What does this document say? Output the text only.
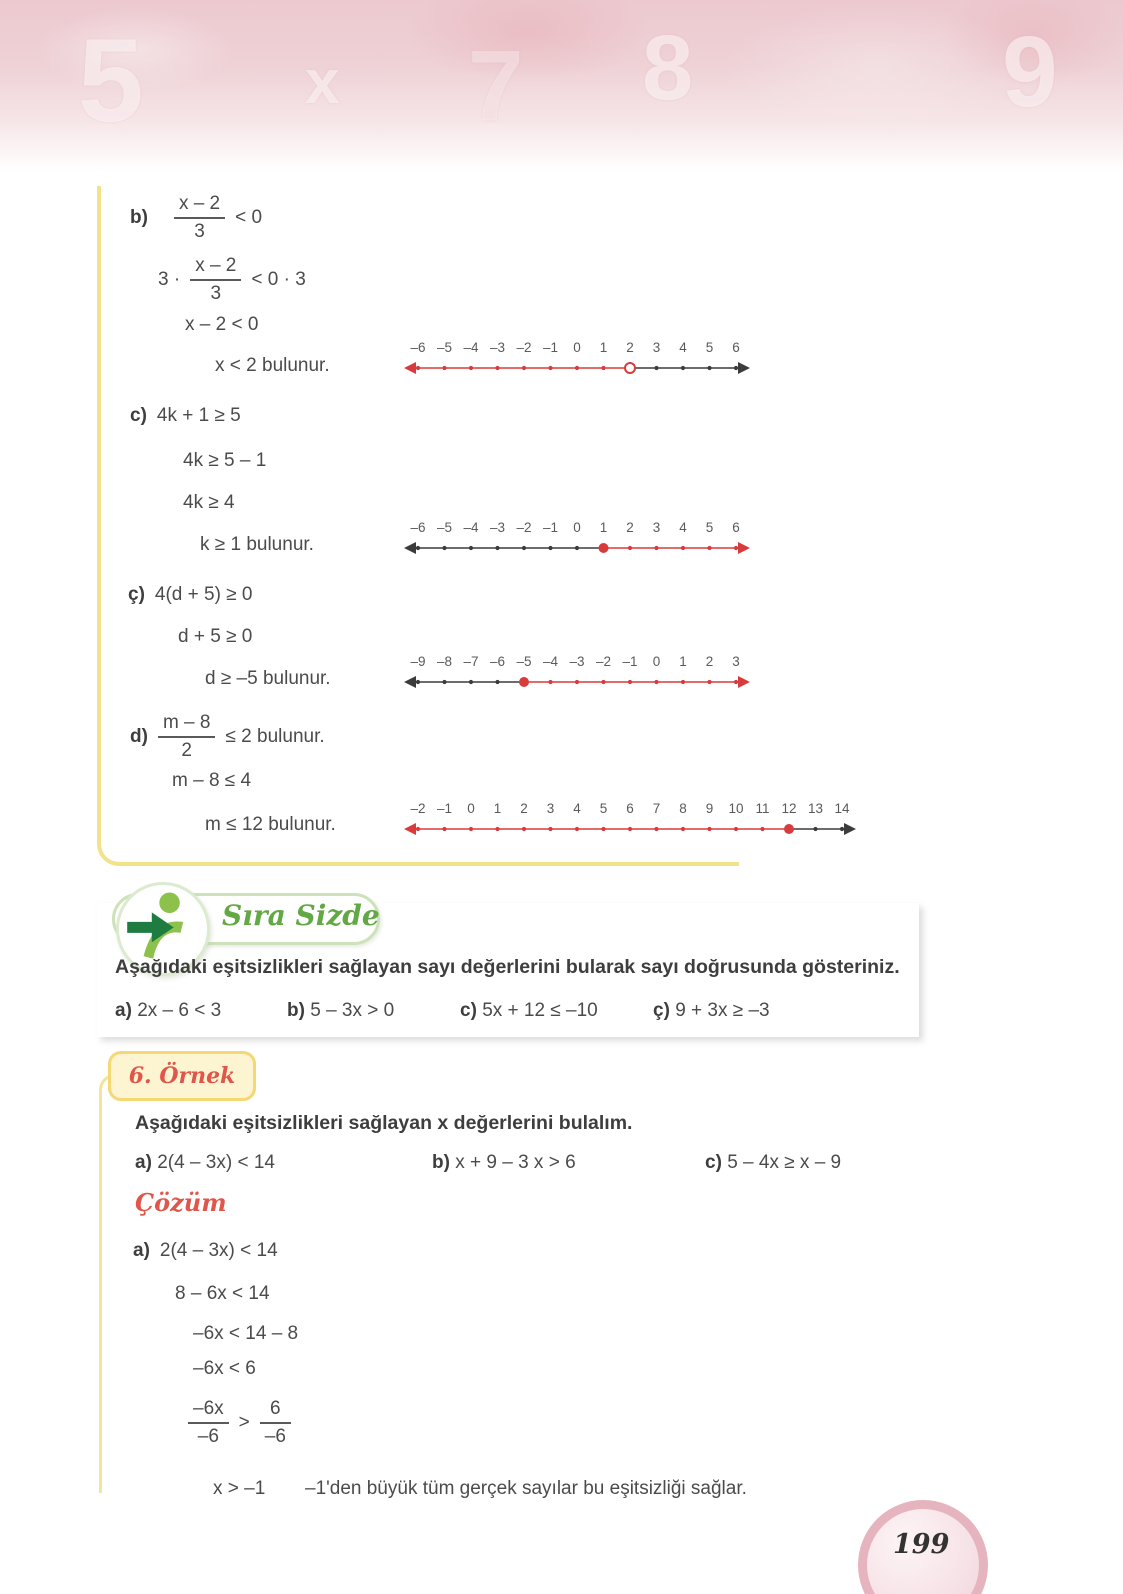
5	x 7 8	9
$b) \frac{x - 2}{3} < 0$
$3 \cdot \frac{x - 2}{3} < 0 \cdot 3$
x – 2 < 0
x < 2 bulunur.
–6 –5 –4 –3 –2 –1 0 1 2 3 4 5 6
c) 4k + 1 ≥ 5
4k ≥ 5 – 1
4k ≥ 4
k ≥ 1 bulunur.
–6 –5 –4 –3 –2 –1 0 1 2 3 4 5 6
ç) 4(d + 5) ≥ 0
d + 5 ≥ 0
d ≥ –5 bulunur.
–9 –8 –7 –6 –5 –4 –3 –2 –1 0 1 2 3
$d) \frac{m - 8}{2} \le 2$ bulunur.
m – 8 ≤ 4
m ≤ 12 bulunur.
–2 –1 0 1 2 3 4 5 6 7 8 9 10 11 12 13 14
Sıra Sizde
Aşağıdaki eşitsizlikleri sağlayan sayı değerlerini bularak sayı doğrusunda gösteriniz.
a) 2x – 6 < 3	b) 5 – 3x > 0	c) 5x + 12 ≤ –10	ç) 9 + 3x ≥ –3
6. Örnek
Aşağıdaki eşitsizlikleri sağlayan x değerlerini bulalım.
a) 2(4 – 3x) < 14	b) x + 9 – 3 x > 6	c) 5 – 4x ≥ x – 9
Çözüm
a) 2(4 – 3x) < 14
8 – 6x < 14
–6x < 14 – 8
–6x < 6
$\frac{-6x}{-6} > \frac{6}{-6}$
x > –1 –1'den büyük tüm gerçek sayılar bu eşitsizliği sağlar.
199
